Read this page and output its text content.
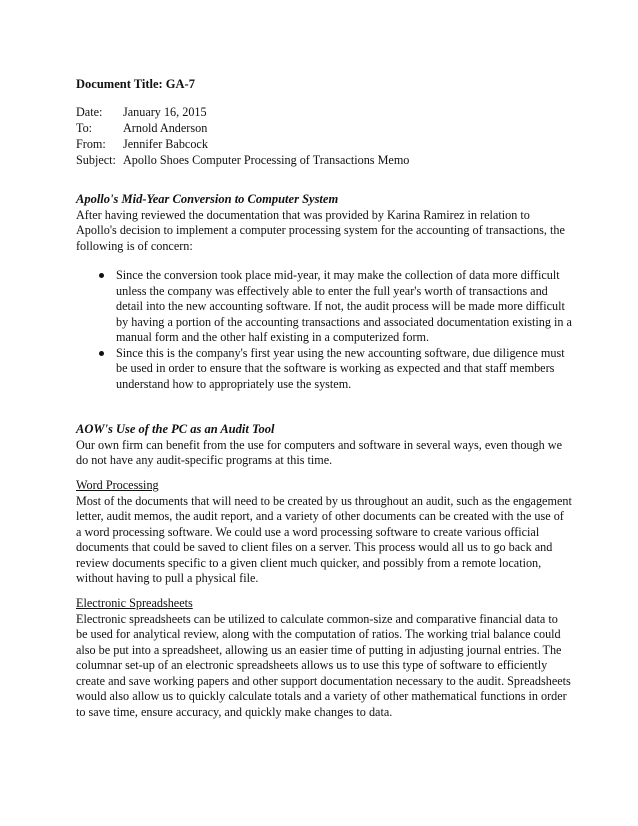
Document Title: GA-7
Date:	January 16, 2015
To:	Arnold Anderson
From:	Jennifer Babcock
Subject:	Apollo Shoes Computer Processing of Transactions Memo

Apollo's Mid-Year Conversion to Computer System

After having reviewed the documentation that was provided by Karina Ramirez in relation to Apollo's decision to implement a computer processing system for the accounting of transactions, the following is of concern:

Since the conversion took place mid-year, it may make the collection of data more difficult unless the company was effectively able to enter the full year's worth of transactions and detail into the new accounting software. If not, the audit process will be made more difficult by having a portion of the accounting transactions and associated documentation existing in a manual form and the other half existing in a computerized form.
Since this is the company's first year using the new accounting software, due diligence must be used in order to ensure that the software is working as expected and that staff members understand how to appropriately use the system.

AOW's Use of the PC as an Audit Tool

Our own firm can benefit from the use for computers and software in several ways, even though we do not have any audit-specific programs at this time.

Word Processing

Most of the documents that will need to be created by us throughout an audit, such as the engagement letter, audit memos, the audit report, and a variety of other documents can be created with the use of a word processing software. We could use a word processing software to create various official documents that could be saved to client files on a server. This process would all us to go back and review documents specific to a given client much quicker, and possibly from a remote location, without having to pull a physical file.

Electronic Spreadsheets

Electronic spreadsheets can be utilized to calculate common-size and comparative financial data to be used for analytical review, along with the computation of ratios. The working trial balance could also be put into a spreadsheet, allowing us an easier time of putting in adjusting journal entries. The columnar set-up of an electronic spreadsheets allows us to use this type of software to efficiently create and save working papers and other support documentation necessary to the audit. Spreadsheets would also allow us to quickly calculate totals and a variety of other mathematical functions in order to save time, ensure accuracy, and quickly make changes to data.
